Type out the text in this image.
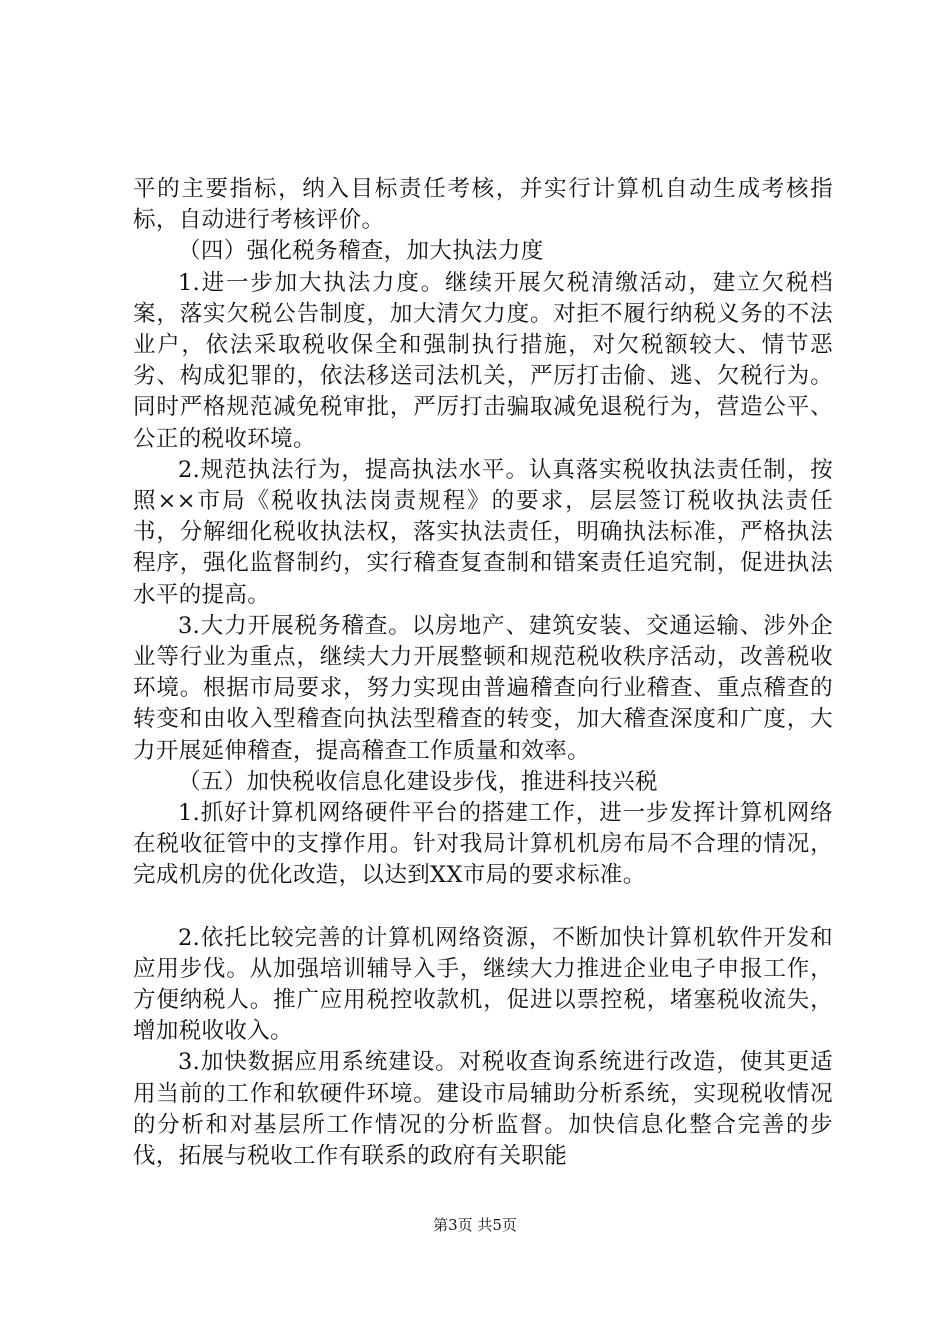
平的主要指标，纳入目标责任考核，并实行计算机自动生成考核指标，自动进行考核评价。

（四）强化税务稽查，加大执法力度

1.进一步加大执法力度。继续开展欠税清缴活动，建立欠税档案，落实欠税公告制度，加大清欠力度。对拒不履行纳税义务的不法业户，依法采取税收保全和强制执行措施，对欠税额较大、情节恶劣、构成犯罪的，依法移送司法机关，严厉打击偷、逃、欠税行为。同时严格规范减免税审批，严厉打击骗取减免退税行为，营造公平、公正的税收环境。

2.规范执法行为，提高执法水平。认真落实税收执法责任制，按照××市局《税收执法岗责规程》的要求，层层签订税收执法责任书，分解细化税收执法权，落实执法责任，明确执法标准，严格执法程序，强化监督制约，实行稽查复查制和错案责任追究制，促进执法水平的提高。

3.大力开展税务稽查。以房地产、建筑安装、交通运输、涉外企业等行业为重点，继续大力开展整顿和规范税收秩序活动，改善税收环境。根据市局要求，努力实现由普遍稽查向行业稽查、重点稽查的转变和由收入型稽查向执法型稽查的转变，加大稽查深度和广度，大力开展延伸稽查，提高稽查工作质量和效率。

（五）加快税收信息化建设步伐，推进科技兴税

1.抓好计算机网络硬件平台的搭建工作，进一步发挥计算机网络在税收征管中的支撑作用。针对我局计算机机房布局不合理的情况，完成机房的优化改造，以达到XX市局的要求标准。

2.依托比较完善的计算机网络资源，不断加快计算机软件开发和应用步伐。从加强培训辅导入手，继续大力推进企业电子申报工作，方便纳税人。推广应用税控收款机，促进以票控税，堵塞税收流失，增加税收收入。

3.加快数据应用系统建设。对税收查询系统进行改造，使其更适用当前的工作和软硬件环境。建设市局辅助分析系统，实现税收情况的分析和对基层所工作情况的分析监督。加快信息化整合完善的步伐，拓展与税收工作有联系的政府有关职能

第3页 共5页
